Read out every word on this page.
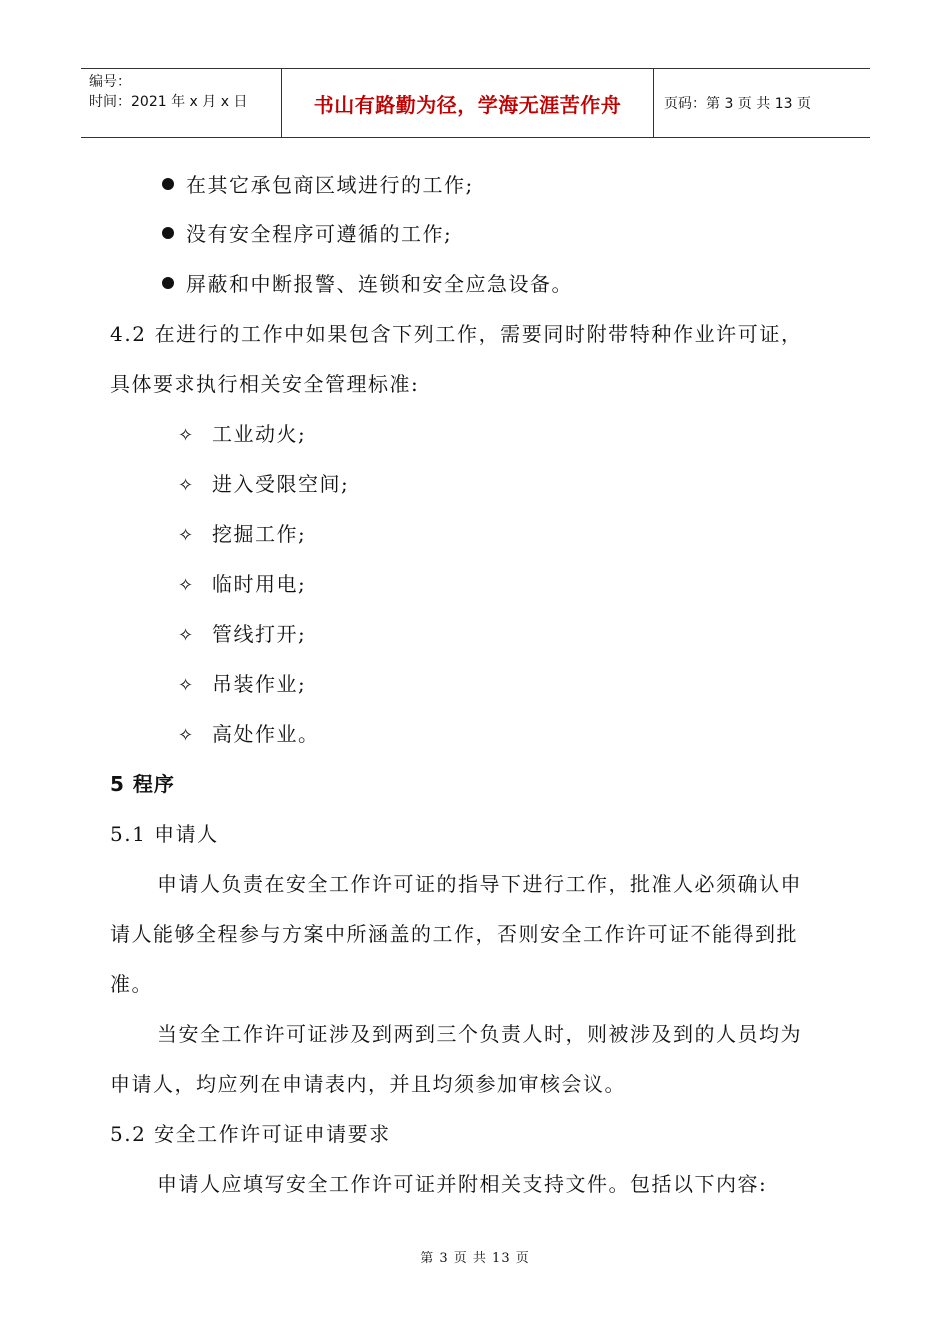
编号：
时间：2021 年 x 月 x 日	书山有路勤为径，学海无涯苦作舟	页码：第 3 页 共 13 页
在其它承包商区域进行的工作;
没有安全程序可遵循的工作;
屏蔽和中断报警、连锁和安全应急设备。
4.2 在进行的工作中如果包含下列工作，需要同时附带特种作业许可证，
具体要求执行相关安全管理标准:
✧ 工业动火;
✧ 进入受限空间;
✧ 挖掘工作;
✧ 临时用电;
✧ 管线打开;
✧ 吊装作业;
✧ 高处作业。
5 程序
5.1 申请人
申请人负责在安全工作许可证的指导下进行工作，批准人必须确认申
请人能够全程参与方案中所涵盖的工作，否则安全工作许可证不能得到批
准。
当安全工作许可证涉及到两到三个负责人时，则被涉及到的人员均为
申请人，均应列在申请表内，并且均须参加审核会议。
5.2 安全工作许可证申请要求
申请人应填写安全工作许可证并附相关支持文件。包括以下内容:
第 3 页 共 13 页
